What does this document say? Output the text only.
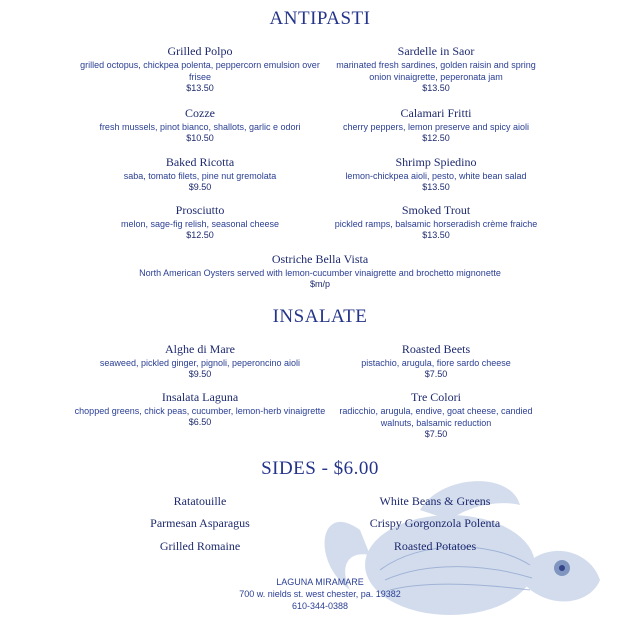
ANTIPASTI
Grilled Polpo
grilled octopus, chickpea polenta, peppercorn emulsion over frisee
$13.50
Sardelle in Saor
marinated fresh sardines, golden raisin and spring onion vinaigrette, peperonata jam
$13.50
Cozze
fresh mussels, pinot bianco, shallots, garlic e odori
$10.50
Calamari Fritti
cherry peppers, lemon preserve and spicy aioli
$12.50
Baked Ricotta
saba, tomato filets, pine nut gremolata
$9.50
Shrimp Spiedino
lemon-chickpea aioli, pesto, white bean salad
$13.50
Prosciutto
melon, sage-fig relish, seasonal cheese
$12.50
Smoked Trout
pickled ramps, balsamic horseradish crème fraiche
$13.50
Ostriche Bella Vista
North American Oysters served with lemon-cucumber vinaigrette and brochetto mignonette
$m/p
INSALATE
Alghe di Mare
seaweed, pickled ginger, pignoli, peperoncino aioli
$9.50
Roasted Beets
pistachio, arugula, fiore sardo cheese
$7.50
Insalata Laguna
chopped greens, chick peas, cucumber, lemon-herb vinaigrette
$6.50
Tre Colori
radicchio, arugula, endive, goat cheese, candied walnuts, balsamic reduction
$7.50
SIDES - $6.00
Ratatouille	White Beans & Greens
Parmesan Asparagus	Crispy Gorgonzola Polenta
Grilled Romaine	Roasted Potatoes
LAGUNA MIRAMARE
700 w. nields st. west chester, pa. 19382
610-344-0388
